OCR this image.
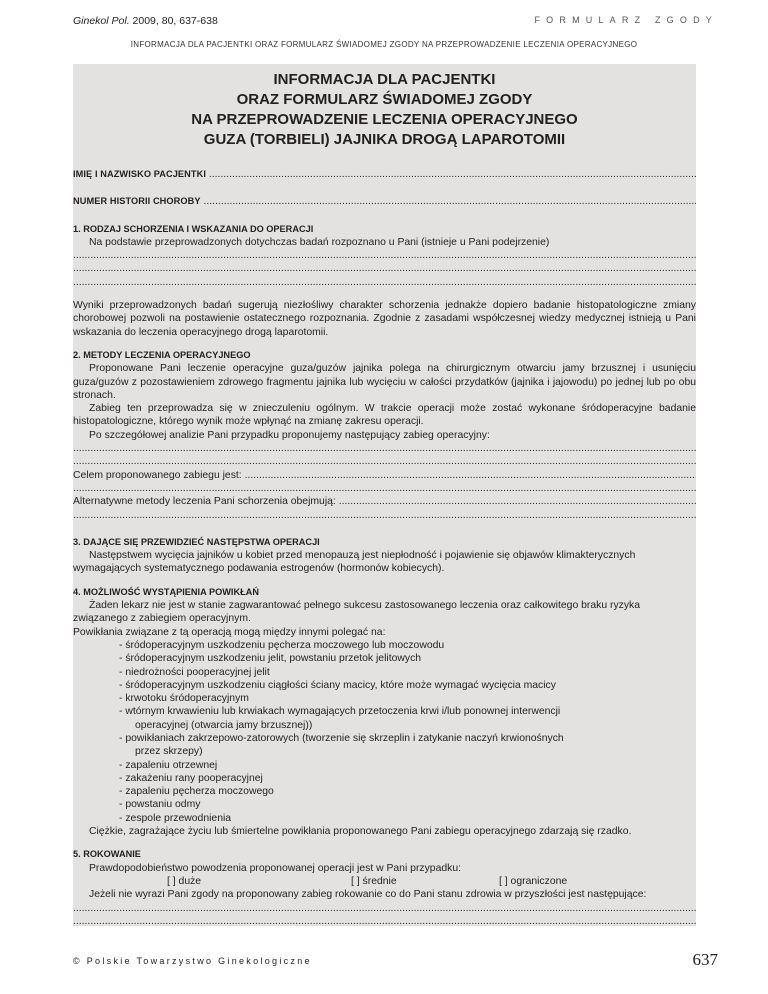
Ginekol Pol. 2009, 80, 637-638	FORMULARZ ZGODY
INFORMACJA DLA PACJENTKI ORAZ FORMULARZ ŚWIADOMEJ ZGODY NA PRZEPROWADZENIE LECZENIA OPERACYJNEGO
INFORMACJA DLA PACJENTKI
ORAZ FORMULARZ ŚWIADOMEJ ZGODY
NA PRZEPROWADZENIE LECZENIA OPERACYJNEGO
GUZA (TORBIELI) JAJNIKA DROGĄ LAPAROTOMII
IMIĘ I NAZWISKO PACJENTKI .....
NUMER HISTORII CHOROBY .....
1. RODZAJ SCHORZENIA I WSKAZANIA DO OPERACJI

Na podstawie przeprowadzonych dotychczas badań rozpoznano u Pani (istnieje u Pani podejrzenie)

.....
.....
.....

Wyniki przeprowadzonych badań sugerują niezłośliwy charakter schorzenia jednakże dopiero badanie histopatologiczne zmiany chorobowej pozwoli na postawienie ostatecznego rozpoznania. Zgodnie z zasadami współczesnej wiedzy medycznej istnieją u Pani wskazania do leczenia operacyjnego drogą laparotomii.

2. METODY LECZENIA OPERACYJNEGO

Proponowane Pani leczenie operacyjne guza/guzów jajnika polega na chirurgicznym otwarciu jamy brzusznej i usunięciu guza/guzów z pozostawieniem zdrowego fragmentu jajnika lub wycięciu w całości przydatków (jajnika i jajowodu) po jednej lub po obu stronach.

Zabieg ten przeprowadza się w znieczuleniu ogólnym. W trakcie operacji może zostać wykonane śródoperacyjne badanie histopatologiczne, którego wynik może wpłynąć na zmianę zakresu operacji.

Po szczegółowej analizie Pani przypadku proponujemy następujący zabieg operacyjny:

.....
.....
Celem proponowanego zabiegu jest: .....
.....
Alternatywne metody leczenia Pani schorzenia obejmują: .....
.....
3. DAJĄCE SIĘ PRZEWIDZIEĆ NASTĘPSTWA OPERACJI

Następstwem wycięcia jajników u kobiet przed menopauzą jest niepłodność i pojawienie się objawów klimakterycznych wymagających systematycznego podawania estrogenów (hormonów kobiecych).

4. MOŻLIWOŚĆ WYSTĄPIENIA POWIKŁAŃ

Żaden lekarz nie jest w stanie zagwarantować pełnego sukcesu zastosowanego leczenia oraz całkowitego braku ryzyka związanego z zabiegiem operacyjnym.

Powikłania związane z tą operacją mogą między innymi polegać na:

- śródoperacyjnym uszkodzeniu pęcherza moczowego lub moczowodu
- śródoperacyjnym uszkodzeniu jelit, powstaniu przetok jelitowych
- niedrożności pooperacyjnej jelit
- śródoperacyjnym uszkodzeniu ciągłości ściany macicy, które może wymagać wycięcia macicy
- krwotoku śródoperacyjnym
- wtórnym krwawieniu lub krwiakach wymagających przetoczenia krwi i/lub ponownej interwencji
operacyjnej (otwarcia jamy brzusznej))
- powikłaniach zakrzepowo-zatorowych (tworzenie się skrzeplin i zatykanie naczyń krwionośnych
przez skrzepy)
- zapaleniu otrzewnej
- zakażeniu rany pooperacyjnej
- zapaleniu pęcherza moczowego
- powstaniu odmy
- zespole przewodnienia

Ciężkie, zagrażające życiu lub śmiertelne powikłania proponowanego Pani zabiegu operacyjnego zdarzają się rzadko.

5. ROKOWANIE

Prawdopodobieństwo powodzenia proponowanej operacji jest w Pani przypadku:

[ ] duże	[ ] średnie	[ ] ograniczone

Jeżeli nie wyrazi Pani zgody na proponowany zabieg rokowanie co do Pani stanu zdrowia w przyszłości jest następujące:

.....
.....
© Polskie Towarzystwo Ginekologiczne	637
